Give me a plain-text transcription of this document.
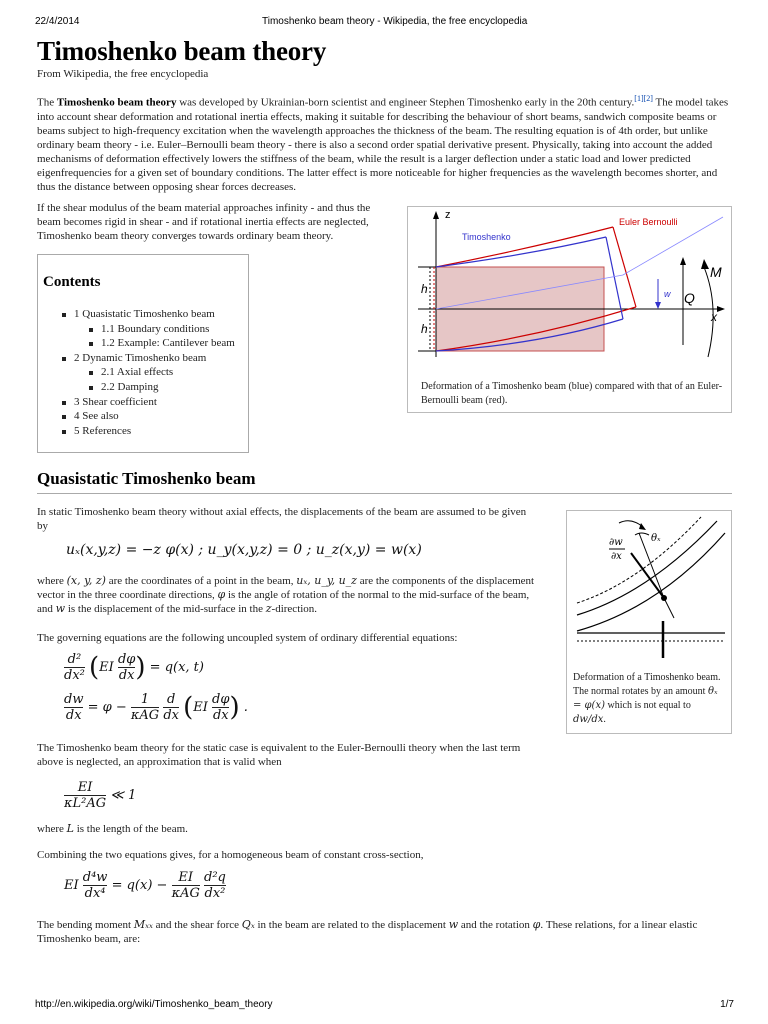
22/4/2014	Timoshenko beam theory - Wikipedia, the free encyclopedia
Timoshenko beam theory
From Wikipedia, the free encyclopedia

The Timoshenko beam theory was developed by Ukrainian-born scientist and engineer Stephen Timoshenko early in the 20th century.[1][2] The model takes into account shear deformation and rotational inertia effects, making it suitable for describing the behaviour of short beams, sandwich composite beams or beams subject to high-frequency excitation when the wavelength approaches the thickness of the beam. The resulting equation is of 4th order, but unlike ordinary beam theory - i.e. Euler–Bernoulli beam theory - there is also a second order spatial derivative present. Physically, taking into account the added mechanisms of deformation effectively lowers the stiffness of the beam, while the result is a larger deflection under a static load and lower predicted eigenfrequencies for a given set of boundary conditions. The latter effect is more noticeable for higher frequencies as the wavelength becomes shorter, and thus the distance between opposing shear forces decreases.

If the shear modulus of the beam material approaches infinity - and thus the beam becomes rigid in shear - and if rotational inertia effects are neglected, Timoshenko beam theory converges towards ordinary beam theory.

z
x
Timoshenko
Euler Bernoulli
h
h
w Q
M
Deformation of a Timoshenko beam (blue) compared with that of an Euler-Bernoulli beam (red).
Contents
1 Quasistatic Timoshenko beam
1.1 Boundary conditions
1.2 Example: Cantilever beam
2 Dynamic Timoshenko beam
2.1 Axial effects
2.2 Damping
3 Shear coefficient
4 See also
5 References
Quasistatic Timoshenko beam

In static Timoshenko beam theory without axial effects, the displacements of the beam are assumed to be given by

uₓ(x,y,z) = −z φ(x) ; u_y(x,y,z) = 0 ; u_z(x,y) = w(x)

where (x, y, z) are the coordinates of a point in the beam, uₓ, u_y, u_z are the components of the displacement vector in the three coordinate directions, φ is the angle of rotation of the normal to the mid-surface of the beam, and w is the displacement of the mid-surface in the z-direction.

The governing equations are the following uncoupled system of ordinary differential equations:

$\frac{\text{d²}}{\text{dx²}} (EI \frac{d\varphi}{dx}$ ) = q(x, t)
$\frac{dw}{dx} = \varphi - \frac{1}{\text{κAG}}$
$\frac{d}{dx} (EI \frac{d\varphi}{dx}$ ) .

The Timoshenko beam theory for the static case is equivalent to the Euler-Bernoulli theory when the last term above is neglected, an approximation that is valid when

$\frac{EI}{\text{κL²AG}}$ ≪ 1

where L is the length of the beam.

Combining the two equations gives, for a homogeneous beam of constant cross-section,

EI $\frac{\text{d⁴w}}{\text{dx⁴}} = q(x) - \frac{EI}{\text{κAG}}$
$\frac{\text{d²q}}{\text{dx²}}$

The bending moment Mₓₓ and the shear force Qₓ in the beam are related to the displacement w and the rotation φ. These relations, for a linear elastic Timoshenko beam, are:

∂w
∂x
θₓ
Deformation of a Timoshenko beam. The normal rotates by an amount θₓ = φ(x) which is not equal to dw/dx.
http://en.wikipedia.org/wiki/Timoshenko_beam_theory	1/7
